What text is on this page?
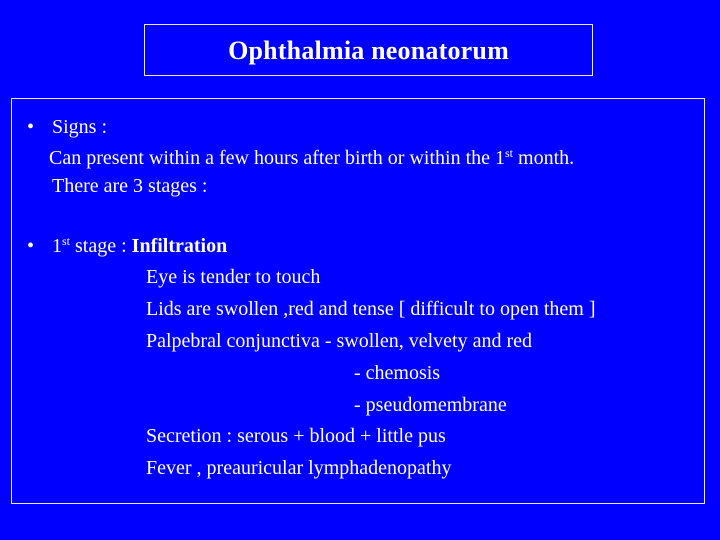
Ophthalmia neonatorum
• Signs :
Can present within a few hours after birth or within the 1st month.
There are 3 stages :
• 1st stage : Infiltration
Eye is tender to touch
Lids are swollen ,red and tense [ difficult to open them ]
Palpebral conjunctiva - swollen, velvety and red
- chemosis
- pseudomembrane
Secretion : serous + blood + little pus
Fever , preauricular lymphadenopathy
